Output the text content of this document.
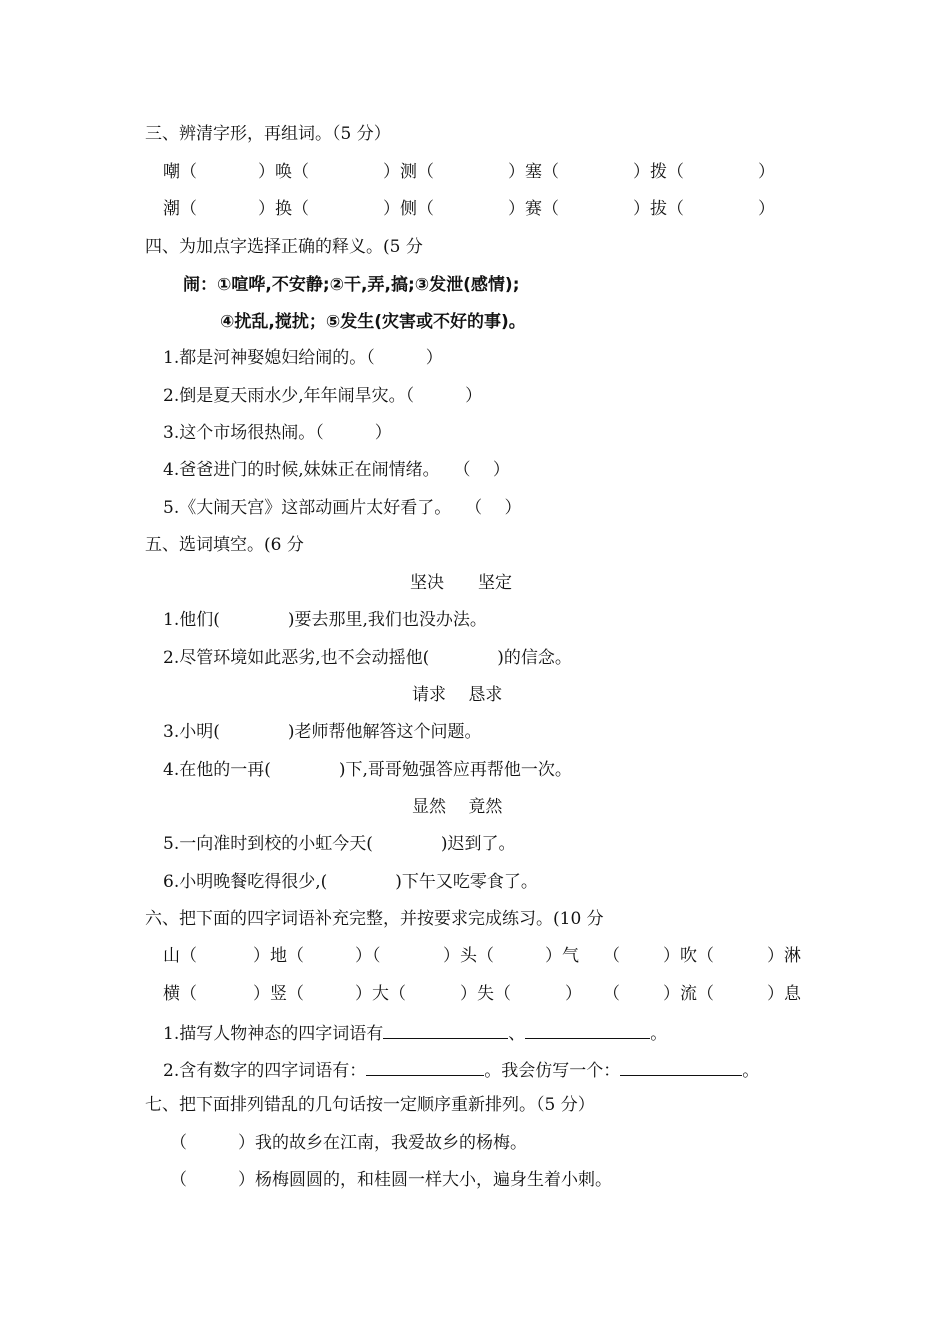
三、辨清字形，再组词。（5 分）
嘲（	）唤（	）测（	）塞（	）拨（	）
潮（	）换（	）侧（	）赛（	）拔（	）
四、为加点字选择正确的释义。(5 分
闹：①喧哗,不安静;②干,弄,搞;③发泄(感情);
④扰乱,搅扰；⑤发生(灾害或不好的事)。
1.都是河神娶媳妇给闹的。（　　　）
2.倒是夏天雨水少,年年闹旱灾。（　　　）
3.这个市场很热闹。（　　　）
4.爸爸进门的时候,妹妹正在闹情绪。　 （　 ）
5.《大闹天宫》这部动画片太好看了。　 （　 ）
五、选词填空。(6 分
坚决　　坚定
1.他们(　　　　)要去那里,我们也没办法。
2.尽管环境如此恶劣,也不会动摇他(　　　　)的信念。
请求　 恳求
3.小明(　　　　)老师帮他解答这个问题。
4.在他的一再(　　　　)下,哥哥勉强答应再帮他一次。
显然　 竟然
5.一向准时到校的小虹今天(　　　　)迟到了。
6.小明晚餐吃得很少,(　　　　)下午又吃零食了。
六、把下面的四字词语补充完整，并按要求完成练习。(10 分
山（	）地（	）（	）头（	）气 （	）吹（	）淋
横（	）竖（	）大（	）失（	） （	）流（	）息
1.描写人物神态的四字词语有	、	。
2.含有数字的四字词语有：	。我会仿写一个：	。
七、把下面排列错乱的几句话按一定顺序重新排列。（5 分）
（　　　）我的故乡在江南，我爱故乡的杨梅。
（　　　）杨梅圆圆的，和桂圆一样大小，遍身生着小刺。
